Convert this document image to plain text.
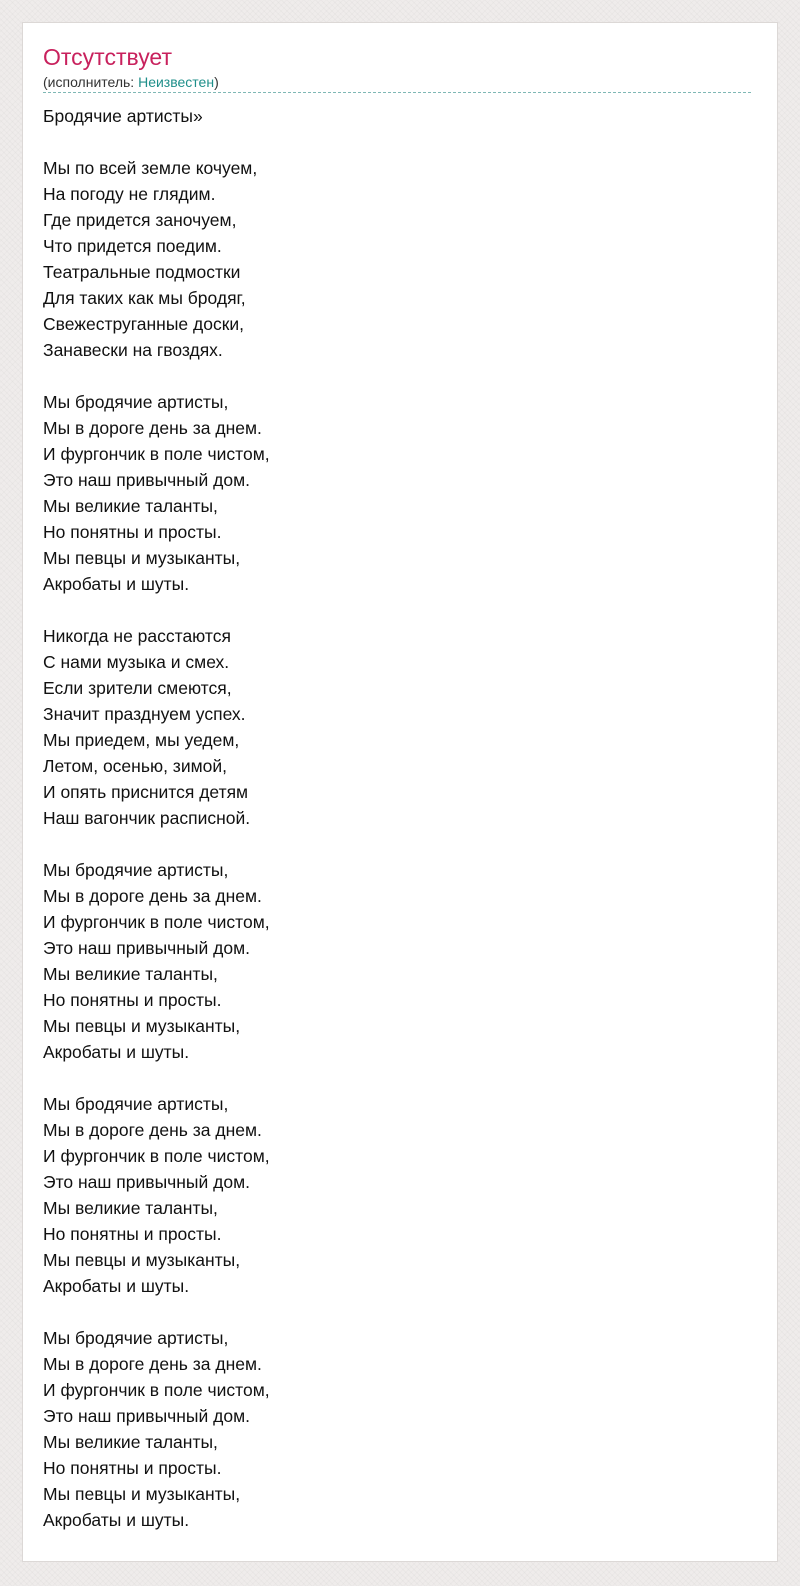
Отсутствует
(исполнитель: Неизвестен)
Бродячие артисты»
Мы по всей земле кочуем,
На погоду не глядим.
Где придется заночуем,
Что придется поедим.
Театральные подмостки
Для таких как мы бродяг,
Свежеструганные доски,
Занавески на гвоздях.
Мы бродячие артисты,
Мы в дороге день за днем.
И фургончик в поле чистом,
Это наш привычный дом.
Мы великие таланты,
Но понятны и просты.
Мы певцы и музыканты,
Акробаты и шуты.
Никогда не расстаются
С нами музыка и смех.
Если зрители смеются,
Значит празднуем успех.
Мы приедем, мы уедем,
Летом, осенью, зимой,
И опять приснится детям
Наш вагончик расписной.
Мы бродячие артисты,
Мы в дороге день за днем.
И фургончик в поле чистом,
Это наш привычный дом.
Мы великие таланты,
Но понятны и просты.
Мы певцы и музыканты,
Акробаты и шуты.
Мы бродячие артисты,
Мы в дороге день за днем.
И фургончик в поле чистом,
Это наш привычный дом.
Мы великие таланты,
Но понятны и просты.
Мы певцы и музыканты,
Акробаты и шуты.
Мы бродячие артисты,
Мы в дороге день за днем.
И фургончик в поле чистом,
Это наш привычный дом.
Мы великие таланты,
Но понятны и просты.
Мы певцы и музыканты,
Акробаты и шуты.
